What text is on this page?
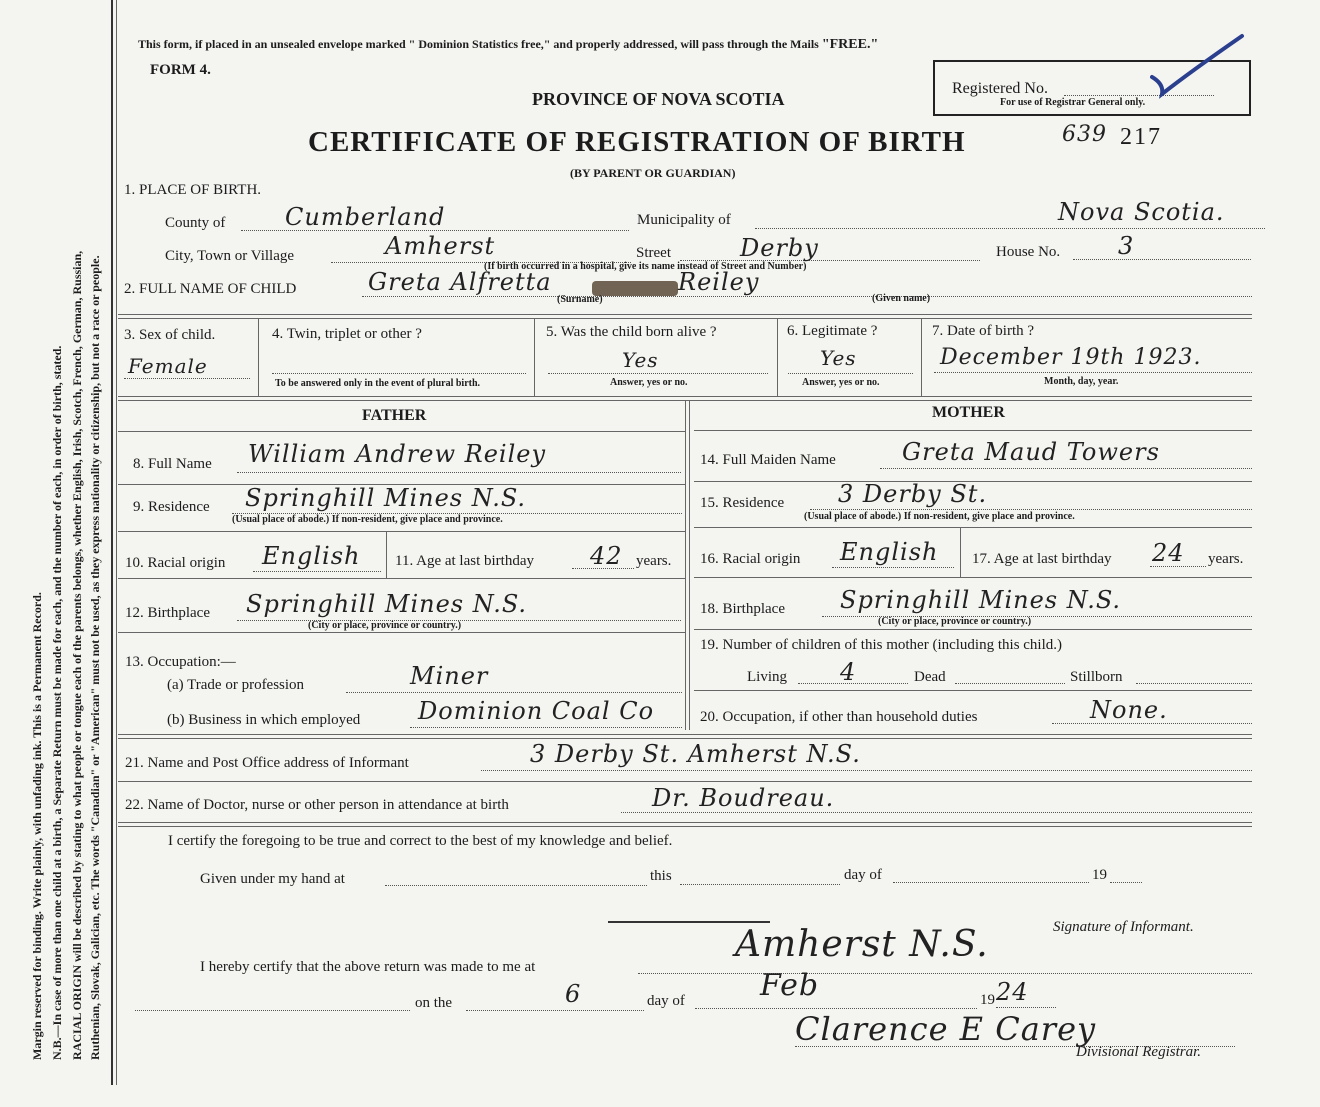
Margin reserved for binding. Write plainly, with unfading ink. This is a Permanent Record. N.B.—In case of more than one child at a birth, a Separate Return must be made for each, and the number of each, in order of birth, stated. RACIAL ORIGIN will be described by stating to what people or tongue each of the parents belongs, whether English, Irish, Scotch, French, German, Russian, Ruthenian, Slovak, Galician, etc. The words "Canadian" or "American" must not be used, as they express nationality or citizenship, but not a race or people.
This form, if placed in an unsealed envelope marked " Dominion Statistics free," and properly addressed, will pass through the Mails "FREE."
FORM 4.
PROVINCE OF NOVA SCOTIA
CERTIFICATE OF REGISTRATION OF BIRTH
(BY PARENT OR GUARDIAN)
Registered No.
For use of Registrar General only.
639 217
1. PLACE OF BIRTH.
County of Cumberland	Municipality of	Nova Scotia.
City, Town or Village	Amherst	Street	Derby	House No. 3
(If birth occurred in a hospital, give its name instead of Street and Number)
2. FULL NAME OF CHILD	Greta Alfretta	Reiley
(Surname)	(Given name)
3. Sex of child.
Female
4. Twin, triplet or other ?
To be answered only in the event of plural birth.
5. Was the child born alive ?
Yes
Answer, yes or no.
6. Legitimate ?
Yes
Answer, yes or no.
7. Date of birth ?
December 19th 1923.
Month, day, year.
FATHER	MOTHER
8. Full Name William Andrew Reiley	14. Full Maiden Name	Greta Maud Towers
9. Residence Springhill Mines N.S.
(Usual place of abode.) If non-resident, give place and province.
15. Residence 3 Derby St.
(Usual place of abode.) If non-resident, give place and province.
10. Racial origin English 11. Age at last birthday 42 years. 16. Racial origin English 17. Age at last birthday 24 years.
12. Birthplace Springhill Mines N.S.
(City or place, province or country.)
18. Birthplace Springhill Mines N.S.
(City or place, province or country.)
13. Occupation:—
(a) Trade or profession	Miner
19. Number of children of this mother (including this child.)
Living 4	Dead	Stillborn
(b) Business in which employed Dominion Coal Co	20. Occupation, if other than household duties	None.
21. Name and Post Office address of Informant	3 Derby St. Amherst N.S.
22. Name of Doctor, nurse or other person in attendance at birth	Dr. Boudreau.
I certify the foregoing to be true and correct to the best of my knowledge and belief.
Given under my hand at	this	day of	19
Signature of Informant.
I hereby certify that the above return was made to me at
Amherst N.S.
on the	6	day of	Feb	19 24
Clarence E Carey
Divisional Registrar.
